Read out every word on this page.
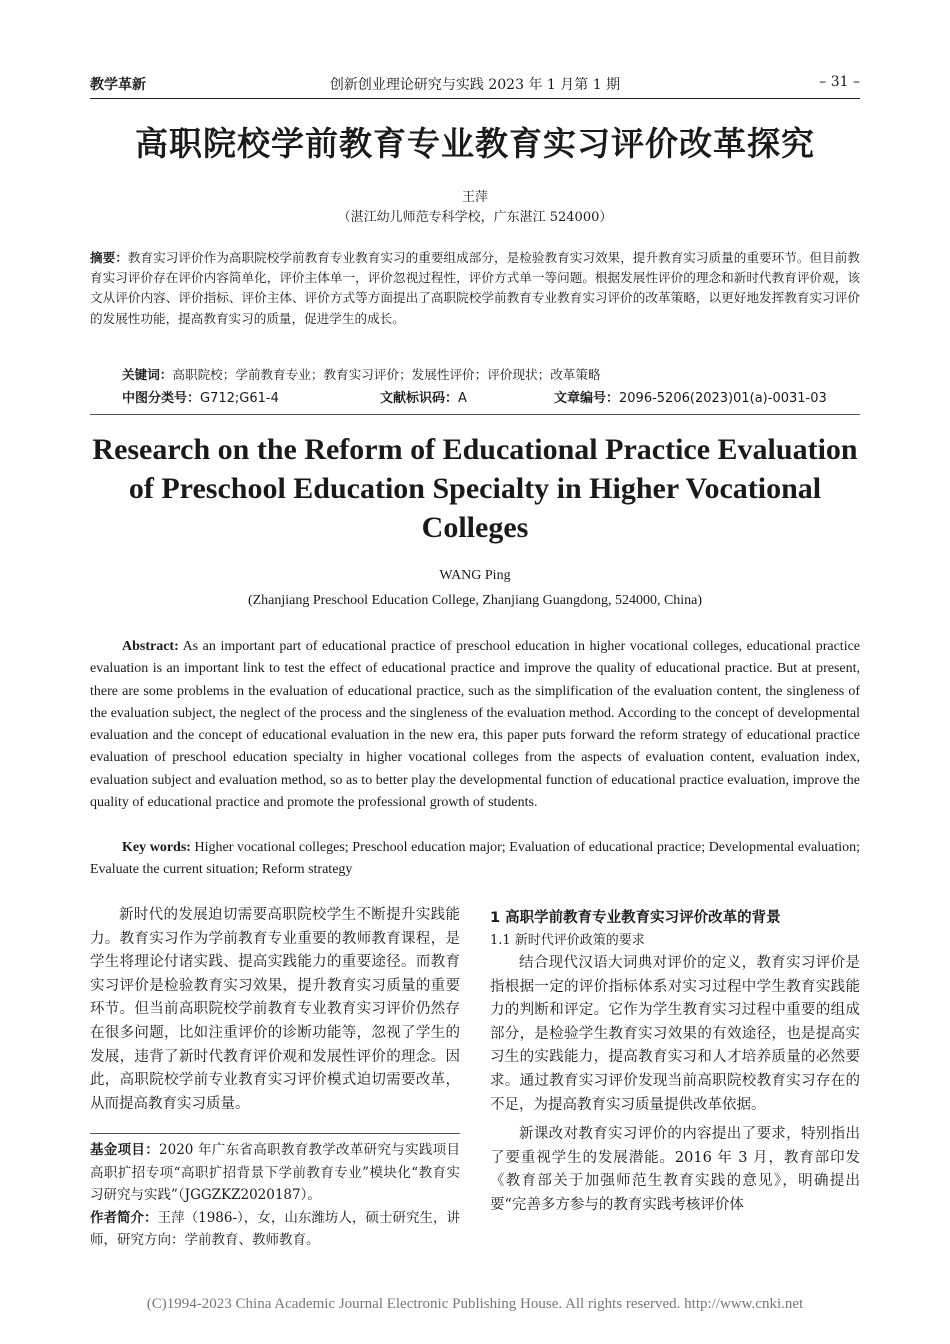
教学革新	创新创业理论研究与实践 2023 年 1 月第 1 期	– 31 –
高职院校学前教育专业教育实习评价改革探究
王萍
（湛江幼儿师范专科学校，广东湛江 524000）
摘要：教育实习评价作为高职院校学前教育专业教育实习的重要组成部分，是检验教育实习效果，提升教育实习质量的重要环节。但目前教育实习评价存在评价内容简单化，评价主体单一，评价忽视过程性，评价方式单一等问题。根据发展性评价的理念和新时代教育评价观，该文从评价内容、评价指标、评价主体、评价方式等方面提出了高职院校学前教育专业教育实习评价的改革策略，以更好地发挥教育实习评价的发展性功能，提高教育实习的质量，促进学生的成长。
关键词：高职院校；学前教育专业；教育实习评价；发展性评价；评价现状；改革策略
中图分类号：G712;G61-4	文献标识码：A	文章编号：2096-5206(2023)01(a)-0031-03
Research on the Reform of Educational Practice Evaluation of Preschool Education Specialty in Higher Vocational Colleges
WANG Ping
(Zhanjiang Preschool Education College, Zhanjiang Guangdong, 524000, China)
Abstract: As an important part of educational practice of preschool education in higher vocational colleges, educational practice evaluation is an important link to test the effect of educational practice and improve the quality of educational practice. But at present, there are some problems in the evaluation of educational practice, such as the simplification of the evaluation content, the singleness of the evaluation subject, the neglect of the process and the singleness of the evaluation method. According to the concept of developmental evaluation and the concept of educational evaluation in the new era, this paper puts forward the reform strategy of educational practice evaluation of preschool education specialty in higher vocational colleges from the aspects of evaluation content, evaluation index, evaluation subject and evaluation method, so as to better play the developmental function of educational practice evaluation, improve the quality of educational practice and promote the professional growth of students.
Key words: Higher vocational colleges; Preschool education major; Evaluation of educational practice; Developmental evaluation; Evaluate the current situation; Reform strategy

新时代的发展迫切需要高职院校学生不断提升实践能力。教育实习作为学前教育专业重要的教师教育课程，是学生将理论付诸实践、提高实践能力的重要途径。而教育实习评价是检验教育实习效果，提升教育实习质量的重要环节。但当前高职院校学前教育专业教育实习评价仍然存在很多问题，比如注重评价的诊断功能等，忽视了学生的发展，违背了新时代教育评价观和发展性评价的理念。因此，高职院校学前专业教育实习评价模式迫切需要改革，从而提高教育实习质量。

基金项目：2020 年广东省高职教育教学改革研究与实践项目高职扩招专项“高职扩招背景下学前教育专业”模块化“教育实习研究与实践”（JGGZKZ2020187）。

作者简介：王萍（1986-），女，山东潍坊人，硕士研究生，讲师，研究方向：学前教育、教师教育。

1 高职学前教育专业教育实习评价改革的背景
1.1 新时代评价政策的要求

结合现代汉语大词典对评价的定义，教育实习评价是指根据一定的评价指标体系对实习过程中学生教育实践能力的判断和评定。它作为学生教育实习过程中重要的组成部分，是检验学生教育实习效果的有效途径，也是提高实习生的实践能力，提高教育实习和人才培养质量的必然要求。通过教育实习评价发现当前高职院校教育实习存在的不足，为提高教育实习质量提供改革依据。

新课改对教育实习评价的内容提出了要求，特别指出了要重视学生的发展潜能。2016 年 3 月，教育部印发《教育部关于加强师范生教育实践的意见》，明确提出要“完善多方参与的教育实践考核评价体

(C)1994-2023 China Academic Journal Electronic Publishing House. All rights reserved. http://www.cnki.net
